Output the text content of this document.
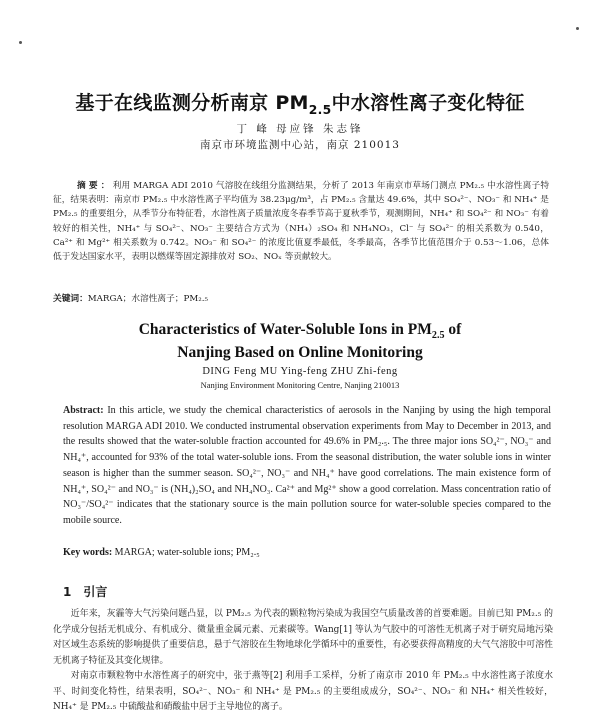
基于在线监测分析南京 $PM_{2.5}$中水溶性离子变化特征
丁 峰 母应锋 朱志锋
南京市环境监测中心站，南京 210013
摘要：利用 MARGA ADI 2010 气溶胶在线组分监测结果，分析了 2013 年南京市草场门测点 PM₂.₅ 中水溶性离子特征，结果表明：南京市 PM₂.₅ 中水溶性离子平均值为 38.23μg/m³，占 PM₂.₅ 含量达 49.6%，其中 SO₄²⁻、NO₃⁻ 和 NH₄⁺ 是 PM₂.₅ 的重要组分，从季节分布特征看，水溶性离子质量浓度冬春季节高于夏秋季节，观测期间，NH₄⁺ 和 SO₄²⁻ 和 NO₃⁻ 有着较好的相关性，NH₄⁺ 与 SO₄²⁻、NO₃⁻ 主要结合方式为（NH₄）₂SO₄ 和 NH₄NO₃，Cl⁻ 与 SO₄²⁻ 的相关系数为 0.540，Ca²⁺ 和 Mg²⁺ 相关系数为 0.742。NO₃⁻ 和 SO₄²⁻ 的浓度比值夏季最低，冬季最高，各季节比值范围介于 0.53～1.06，总体低于发达国家水平，表明以燃煤等固定源排放对 SO₂、NOₓ 等贡献较大。
关键词：MARGA；水溶性离子；PM₂.₅
Characteristics of Water-Soluble Ions in $PM_{2.5}$ of
Nanjing Based on Online Monitoring
DING Feng MU Ying-feng ZHU Zhi-feng
Nanjing Environment Monitoring Centre, Nanjing 210013
Abstract: In this article, we study the chemical characteristics of aerosols in the Nanjing by using the high temporal resolution MARGA ADI 2010. We conducted instrumental observation experiments from May to December in 2013, and the results showed that the water-soluble fraction accounted for 49.6% in PM₂.₅. The three major ions SO₄²⁻, NO₃⁻ and NH₄⁺, accounted for 93% of the total water-soluble ions. From the seasonal distribution, the water soluble ions in winter season is higher than the summer season. SO₄²⁻, NO₃⁻ and NH₄⁺ have good correlations. The main existence form of NH₄⁺, SO₄²⁻ and NO₃⁻ is (NH₄)₂SO₄ and NH₄NO₃. Ca²⁺ and Mg²⁺ show a good correlation. Mass concentration ratio of NO₃⁻/SO₄²⁻ indicates that the stationary source is the main pollution source for water-soluble species compared to the mobile source.
Key words: MARGA; water-soluble ions; PM₂.₅
1 引言

近年来，灰霾等大气污染问题凸显，以 PM₂.₅ 为代表的颗粒物污染成为我国空气质量改善的首要难题。目前已知 PM₂.₅ 的化学成分包括无机成分、有机成分、微量重金属元素、元素碳等。Wang[1] 等认为气胶中的可溶性无机离子对于研究局地污染对区域生态系统的影响提供了重要信息，悬于气溶胶在生物地球化学循环中的重要性，有必要获得高精度的大气气溶胶中可溶性无机离子特征及其变化规律。

对南京市颗粒物中水溶性离子的研究中，张于燕等[2] 利用手工采样，分析了南京市 2010 年 PM₂.₅ 中水溶性离子浓度水平、时间变化特性，结果表明，SO₄²⁻、NO₃⁻ 和 NH₄⁺ 是 PM₂.₅ 的主要组成成分，SO₄²⁻、NO₃⁻ 和 NH₄⁺ 相关性较好，NH₄⁺ 是 PM₂.₅ 中硫酸盐和硝酸盐中居于主导地位的离子。
